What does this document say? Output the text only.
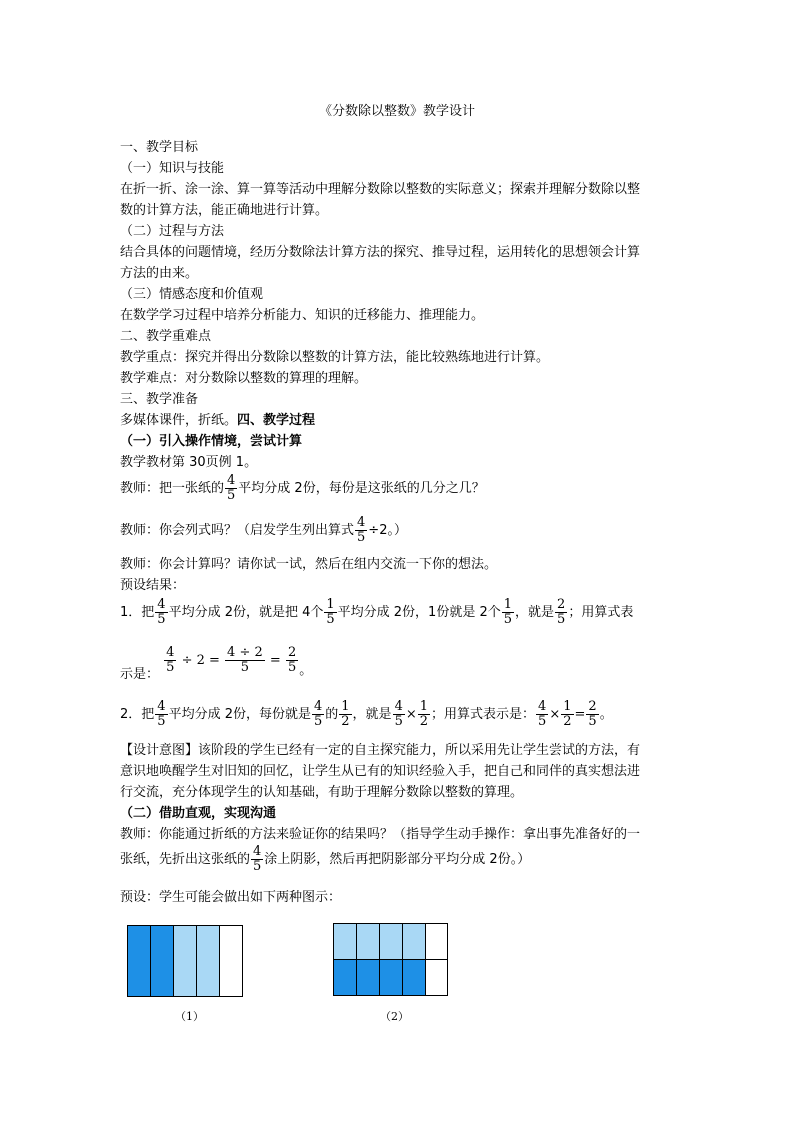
《分数除以整数》教学设计
一、教学目标
（一）知识与技能
在折一折、涂一涂、算一算等活动中理解分数除以整数的实际意义；探索并理解分数除以整
数的计算方法，能正确地进行计算。
（二）过程与方法
结合具体的问题情境，经历分数除法计算方法的探究、推导过程，运用转化的思想领会计算
方法的由来。
（三）情感态度和价值观
在数学学习过程中培养分析能力、知识的迁移能力、推理能力。
二、教学重难点
教学重点：探究并得出分数除以整数的计算方法，能比较熟练地进行计算。
教学难点：对分数除以整数的算理的理解。
三、教学准备
多媒体课件，折纸。四、教学过程
（一）引入操作情境，尝试计算
教学教材第 30页例 1。
教师：把一张纸的 $\frac{4}{5}$ 平均分成 2份，每份是这张纸的几分之几？
教师：你会列式吗？（启发学生列出算式 $\frac{4}{5} \div 2$。）
教师：你会计算吗？请你试一试，然后在组内交流一下你的想法。
预设结果：
1．把 $\frac{4}{5}$ 平均分成 2份，就是把 4个 $\frac{1}{5}$ 平均分成 2份，1份就是 2个 $\frac{1}{5}$ ，就是 $\frac{2}{5}$ ；用算式表
示是： $\frac{4}{5} \div 2 = \frac{4 \div 2}{5} = \frac{2}{5}$ 。
2．把 $\frac{4}{5}$ 平均分成 2份，每份就是 $\frac{4}{5}$ 的 $\frac{1}{2}$ ，就是 $\frac{4}{5} \times \frac{1}{2}$ ；用算式表示是： $\frac{4}{5} \times \frac{1}{2} = \frac{2}{5}$ 。
【设计意图】该阶段的学生已经有一定的自主探究能力，所以采用先让学生尝试的方法，有
意识地唤醒学生对旧知的回忆，让学生从已有的知识经验入手，把自己和同伴的真实想法进
行交流，充分体现学生的认知基础，有助于理解分数除以整数的算理。
（二）借助直观，实现沟通
教师：你能通过折纸的方法来验证你的结果吗？（指导学生动手操作：拿出事先准备好的一
张纸，先折出这张纸的 $\frac{4}{5}$ 涂上阴影，然后再把阴影部分平均分成 2份。）
预设：学生可能会做出如下两种图示：
（1）	（2）
